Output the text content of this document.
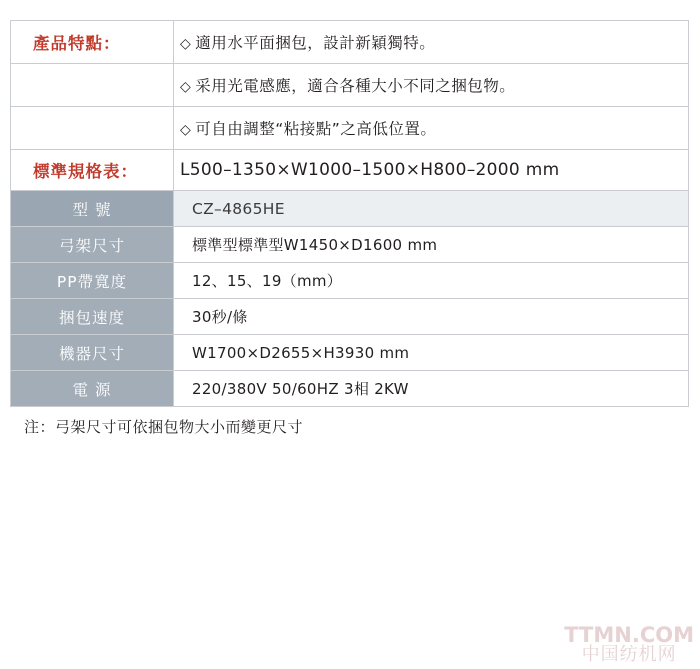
產品特點：	◇ 適用水平面捆包，設計新穎獨特。
	◇ 采用光電感應，適合各種大小不同之捆包物。
	◇ 可自由調整“粘接點”之高低位置。
標準規格表：	L500–1350×W1000–1500×H800–2000 mm
型 號	CZ–4865HE
弓架尺寸	標準型標準型W1450×D1600 mm
PP帶寬度	12、15、19（mm）
捆包速度	30秒/條
機器尺寸	W1700×D2655×H3930 mm
電 源	220/380V 50/60HZ 3相 2KW
注：弓架尺寸可依捆包物大小而變更尺寸
TTMN.COM
中国纺机网
